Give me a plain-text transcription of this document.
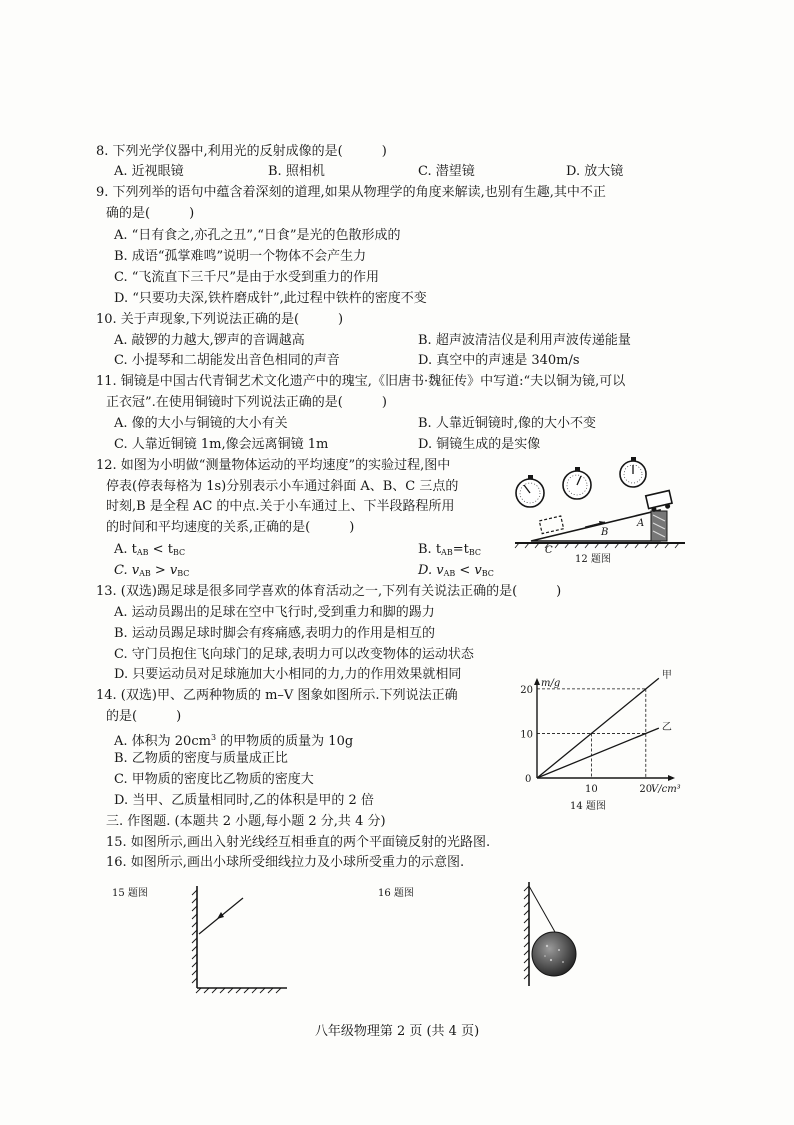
8. 下列光学仪器中,利用光的反射成像的是(　　　)
A. 近视眼镜	B. 照相机	C. 潜望镜	D. 放大镜
9. 下列列举的语句中蕴含着深刻的道理,如果从物理学的角度来解读,也别有生趣,其中不正
确的是(　　　)
A. “日有食之,亦孔之丑”,“日食”是光的色散形成的
B. 成语“孤掌难鸣”说明一个物体不会产生力
C. “飞流直下三千尺”是由于水受到重力的作用
D. “只要功夫深,铁杵磨成针”,此过程中铁杵的密度不变
10. 关于声现象,下列说法正确的是(　　　)
A. 敲锣的力越大,锣声的音调越高	B. 超声波清洁仪是利用声波传递能量
C. 小提琴和二胡能发出音色相同的声音	D. 真空中的声速是 340m/s
11. 铜镜是中国古代青铜艺术文化遗产中的瑰宝,《旧唐书·魏征传》中写道:“夫以铜为镜,可以
正衣冠”.在使用铜镜时下列说法正确的是(　　　)
A. 像的大小与铜镜的大小有关	B. 人靠近铜镜时,像的大小不变
C. 人靠近铜镜 1m,像会远离铜镜 1m	D. 铜镜生成的是实像
12. 如图为小明做“测量物体运动的平均速度”的实验过程,图中
停表(停表每格为 1s)分别表示小车通过斜面 A、B、C 三点的
时刻,B 是全程 AC 的中点.关于小车通过上、下半段路程所用
的时间和平均速度的关系,正确的是(　　　)
A. $t_{AB} < t_{BC}$	B. $t_{AB}=t_{BC}$
C. $v_{AB} > v_{BC}$	D. $v_{AB} < v_{BC}$
B
A
C
12 题图
13. (双选)踢足球是很多同学喜欢的体育活动之一,下列有关说法正确的是(　　　)
A. 运动员踢出的足球在空中飞行时,受到重力和脚的踢力
B. 运动员踢足球时脚会有疼痛感,表明力的作用是相互的
C. 守门员抱住飞向球门的足球,表明力可以改变物体的运动状态
D. 只要运动员对足球施加大小相同的力,力的作用效果就相同
14. (双选)甲、乙两种物质的 m–V 图象如图所示.下列说法正确
的是(　　　)
A. 体积为 $20cm^3$ 的甲物质的质量为 10g
B. 乙物质的密度与质量成正比
C. 甲物质的密度比乙物质的密度大
D. 当甲、乙质量相同时,乙的体积是甲的 2 倍
m/g
V/cm³
0
10
20
10	20
甲
乙
14 题图
三. 作图题. (本题共 2 小题,每小题 2 分,共 4 分)
15. 如图所示,画出入射光线经互相垂直的两个平面镜反射的光路图.
16. 如图所示,画出小球所受细线拉力及小球所受重力的示意图.
15 题图	16 题图
八年级物理第 2 页 (共 4 页)
